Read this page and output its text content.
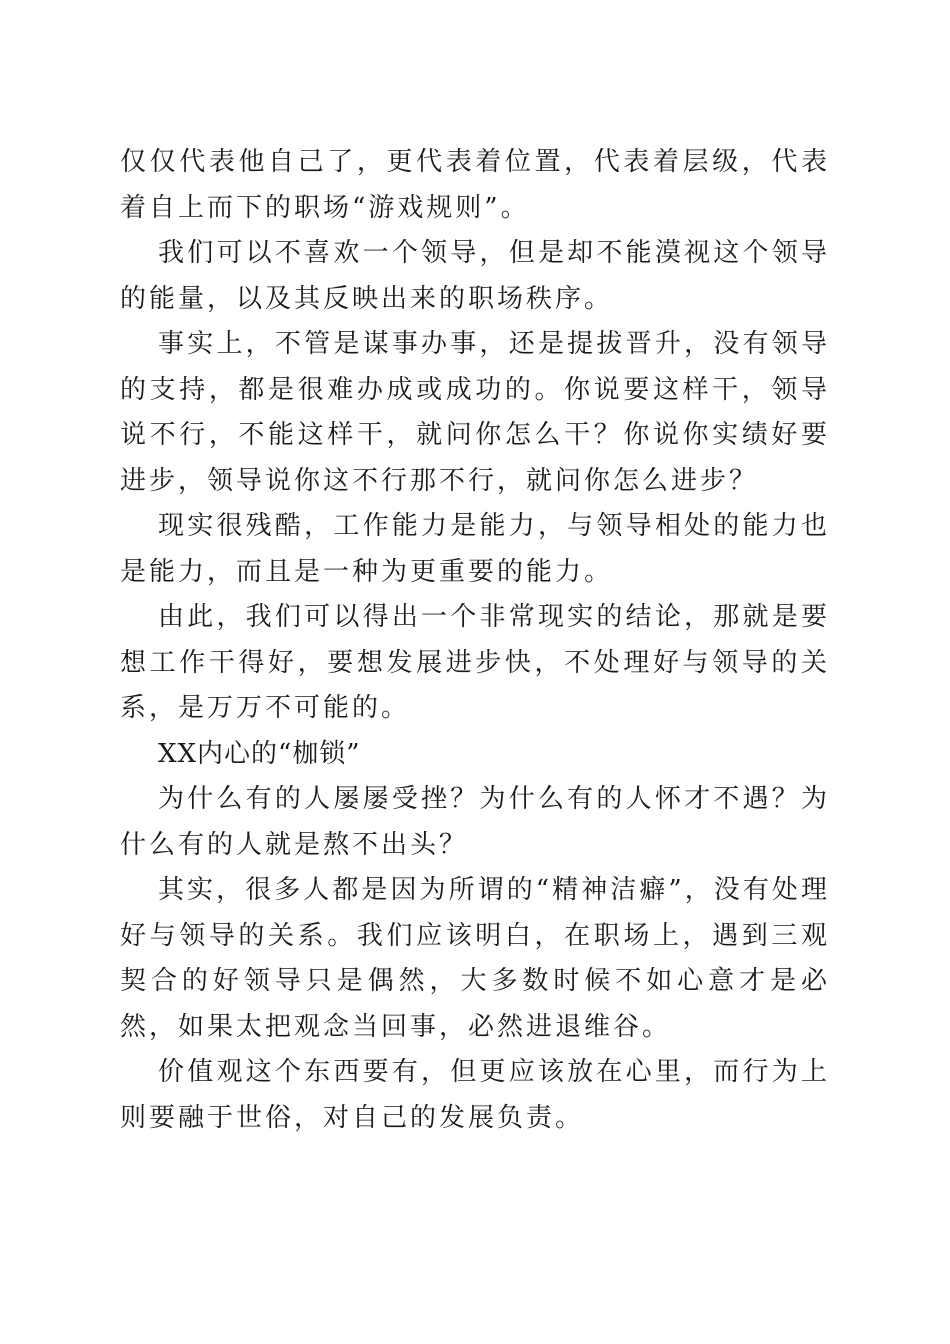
仅仅代表他自己了，更代表着位置，代表着层级，代表着自上而下的职场“游戏规则”。

我们可以不喜欢一个领导，但是却不能漠视这个领导的能量，以及其反映出来的职场秩序。

事实上，不管是谋事办事，还是提拔晋升，没有领导的支持，都是很难办成或成功的。你说要这样干，领导说不行，不能这样干，就问你怎么干？你说你实绩好要进步，领导说你这不行那不行，就问你怎么进步？

现实很残酷，工作能力是能力，与领导相处的能力也是能力，而且是一种为更重要的能力。

由此，我们可以得出一个非常现实的结论，那就是要想工作干得好，要想发展进步快，不处理好与领导的关系，是万万不可能的。

XX内心的“枷锁”

为什么有的人屡屡受挫？为什么有的人怀才不遇？为什么有的人就是熬不出头？

其实，很多人都是因为所谓的“精神洁癖”，没有处理好与领导的关系。我们应该明白，在职场上，遇到三观契合的好领导只是偶然，大多数时候不如心意才是必然，如果太把观念当回事，必然进退维谷。

价值观这个东西要有，但更应该放在心里，而行为上则要融于世俗，对自己的发展负责。
